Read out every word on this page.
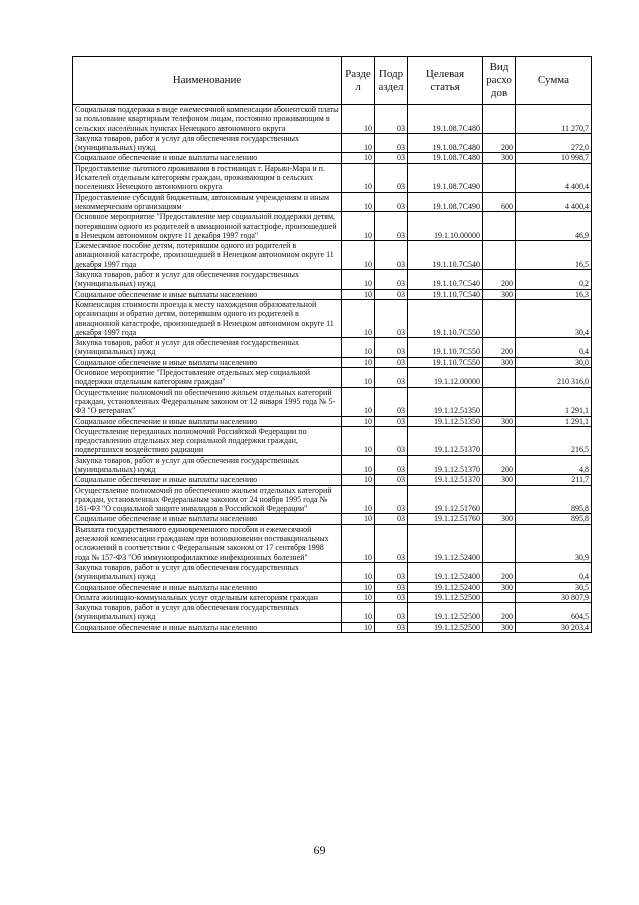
Наименование	Разде л	Подр аздел	Целевая статья	Вид расхо дов	Сумма
Социальная поддержка в виде ежемесячной компенсации абонентской платы за пользование квартирным телефоном лицам, постоянно проживающим в сельских населённых пунктах Ненецкого автономного округа	10	03	19.1.08.7С480		11 270,7
Закупка товаров, работ и услуг для обеспечения государственных (муниципальных) нужд	10	03	19.1.08.7С480	200	272,0
Социальное обеспечение и иные выплаты населению	10	03	19.1.08.7С480	300	10 998,7
Предоставление льготного проживания в гостиницах г. Нарьян-Мара и п. Искателей отдельным категориям граждан, проживающим в сельских поселениях Ненецкого автономного округа	10	03	19.1.08.7С490		4 400,4
Предоставление субсидий бюджетным, автономным учреждениям и иным некоммерческим организациям	10	03	19.1.08.7С490	600	4 400,4
Основное мероприятие "Предоставление мер социальной поддержки детям, потерявшим одного из родителей в авиационной катастрофе, произошедшей в Ненецком автономном округе 11 декабря 1997 года"	10	03	19.1.10.00000		46,9
Ежемесячное пособие детям, потерявшим одного из родителей в авиационной катастрофе, произошедшей в Ненецком автономном округе 11 декабря 1997 года	10	03	19.1.10.7С540		16,5
Закупка товаров, работ и услуг для обеспечения государственных (муниципальных) нужд	10	03	19.1.10.7С540	200	0,2
Социальное обеспечение и иные выплаты населению	10	03	19.1.10.7С540	300	16,3
Компенсация стоимости проезда к месту нахождения образовательной организации и обратно детям, потерявшим одного из родителей в авиационной катастрофе, произошедшей в Ненецком автономном округе 11 декабря 1997 года	10	03	19.1.10.7С550		30,4
Закупка товаров, работ и услуг для обеспечения государственных (муниципальных) нужд	10	03	19.1.10.7С550	200	0,4
Социальное обеспечение и иные выплаты населению	10	03	19.1.10.7С550	300	30,0
Основное мероприятие "Предоставление отдельных мер социальной поддержки отдельным категориям граждан"	10	03	19.1.12.00000		210 316,0
Осуществление полномочий по обеспечению жильем отдельных категорий граждан, установленных Федеральным законом от 12 января 1995 года № 5-ФЗ "О ветеранах"	10	03	19.1.12.51350		1 291,1
Социальное обеспечение и иные выплаты населению	10	03	19.1.12.51350	300	1 291,1
Осуществление переданных полномочий Российской Федерации по предоставлению отдельных мер социальной поддержки граждан, подвергшихся воздействию радиации	10	03	19.1.12.51370		216,5
Закупка товаров, работ и услуг для обеспечения государственных (муниципальных) нужд	10	03	19.1.12.51370	200	4,8
Социальное обеспечение и иные выплаты населению	10	03	19.1.12.51370	300	211,7
Осуществление полномочий по обеспечению жильем отдельных категорий граждан, установленных Федеральным законом от 24 ноября 1995 года № 181-ФЗ "О социальной защите инвалидов в Российской Федерации"	10	03	19.1.12.51760		895,8
Социальное обеспечение и иные выплаты населению	10	03	19.1.12.51760	300	895,8
Выплата государственного единовременного пособия и ежемесячной денежной компенсации гражданам при возникновении поствакцинальных осложнений в соответствии с Федеральным законом от 17 сентября 1998 года № 157-ФЗ "Об иммунопрофилактике инфекционных болезней"	10	03	19.1.12.52400		30,9
Закупка товаров, работ и услуг для обеспечения государственных (муниципальных) нужд	10	03	19.1.12.52400	200	0,4
Социальное обеспечение и иные выплаты населению	10	03	19.1.12.52400	300	30,5
Оплата жилищно-коммунальных услуг отдельным категориям граждан	10	03	19.1.12.52500		30 807,9
Закупка товаров, работ и услуг для обеспечения государственных (муниципальных) нужд	10	03	19.1.12.52500	200	604,5
Социальное обеспечение и иные выплаты населению	10	03	19.1.12.52500	300	30 203,4
69
